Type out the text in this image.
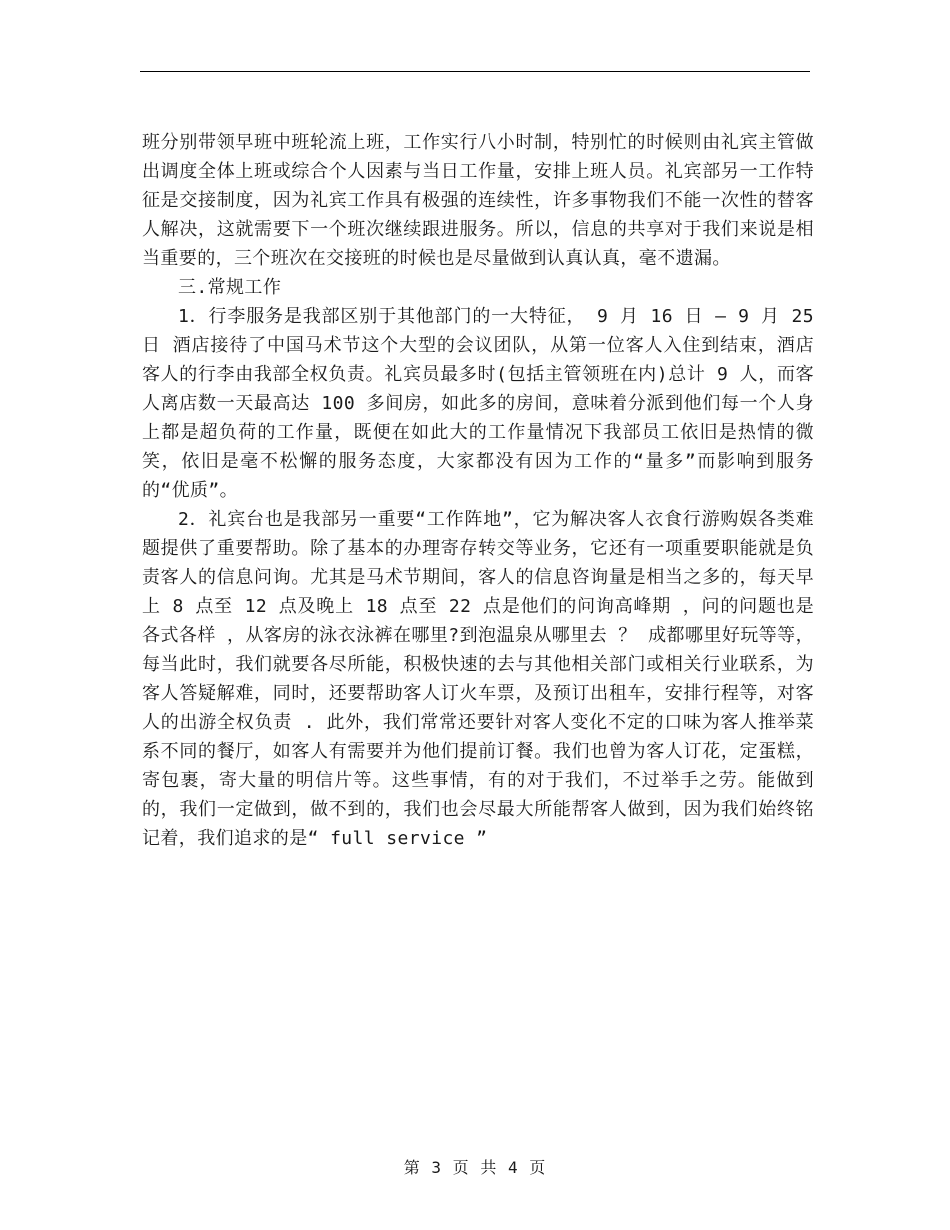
班分别带领早班中班轮流上班，工作实行八小时制，特别忙的时候则由礼宾主管做出调度全体上班或综合个人因素与当日工作量，安排上班人员。礼宾部另一工作特征是交接制度，因为礼宾工作具有极强的连续性，许多事物我们不能一次性的替客人解决，这就需要下一个班次继续跟进服务。所以，信息的共享对于我们来说是相当重要的，三个班次在交接班的时候也是尽量做到认真认真，毫不遗漏。

三.常规工作

1．行李服务是我部区别于其他部门的一大特征， 9 月 16 日 — 9 月 25 日 酒店接待了中国马术节这个大型的会议团队，从第一位客人入住到结束，酒店客人的行李由我部全权负责。礼宾员最多时(包括主管领班在内)总计 9 人，而客人离店数一天最高达 100 多间房，如此多的房间，意味着分派到他们每一个人身上都是超负荷的工作量，既便在如此大的工作量情况下我部员工依旧是热情的微笑，依旧是毫不松懈的服务态度，大家都没有因为工作的“量多”而影响到服务的“优质”。

2．礼宾台也是我部另一重要“工作阵地”，它为解决客人衣食行游购娱各类难题提供了重要帮助。除了基本的办理寄存转交等业务，它还有一项重要职能就是负责客人的信息问询。尤其是马术节期间，客人的信息咨询量是相当之多的，每天早上 8 点至 12 点及晚上 18 点至 22 点是他们的问询高峰期 ，问的问题也是各式各样 ，从客房的泳衣泳裤在哪里?到泡温泉从哪里去 ？ 成都哪里好玩等等，每当此时，我们就要各尽所能，积极快速的去与其他相关部门或相关行业联系，为客人答疑解难，同时，还要帮助客人订火车票，及预订出租车，安排行程等，对客人的出游全权负责 . 此外，我们常常还要针对客人变化不定的口味为客人推举菜系不同的餐厅，如客人有需要并为他们提前订餐。我们也曾为客人订花，定蛋糕，寄包裹，寄大量的明信片等。这些事情，有的对于我们，不过举手之劳。能做到的，我们一定做到，做不到的，我们也会尽最大所能帮客人做到，因为我们始终铭记着，我们追求的是“ full service ”

第 3 页 共 4 页
